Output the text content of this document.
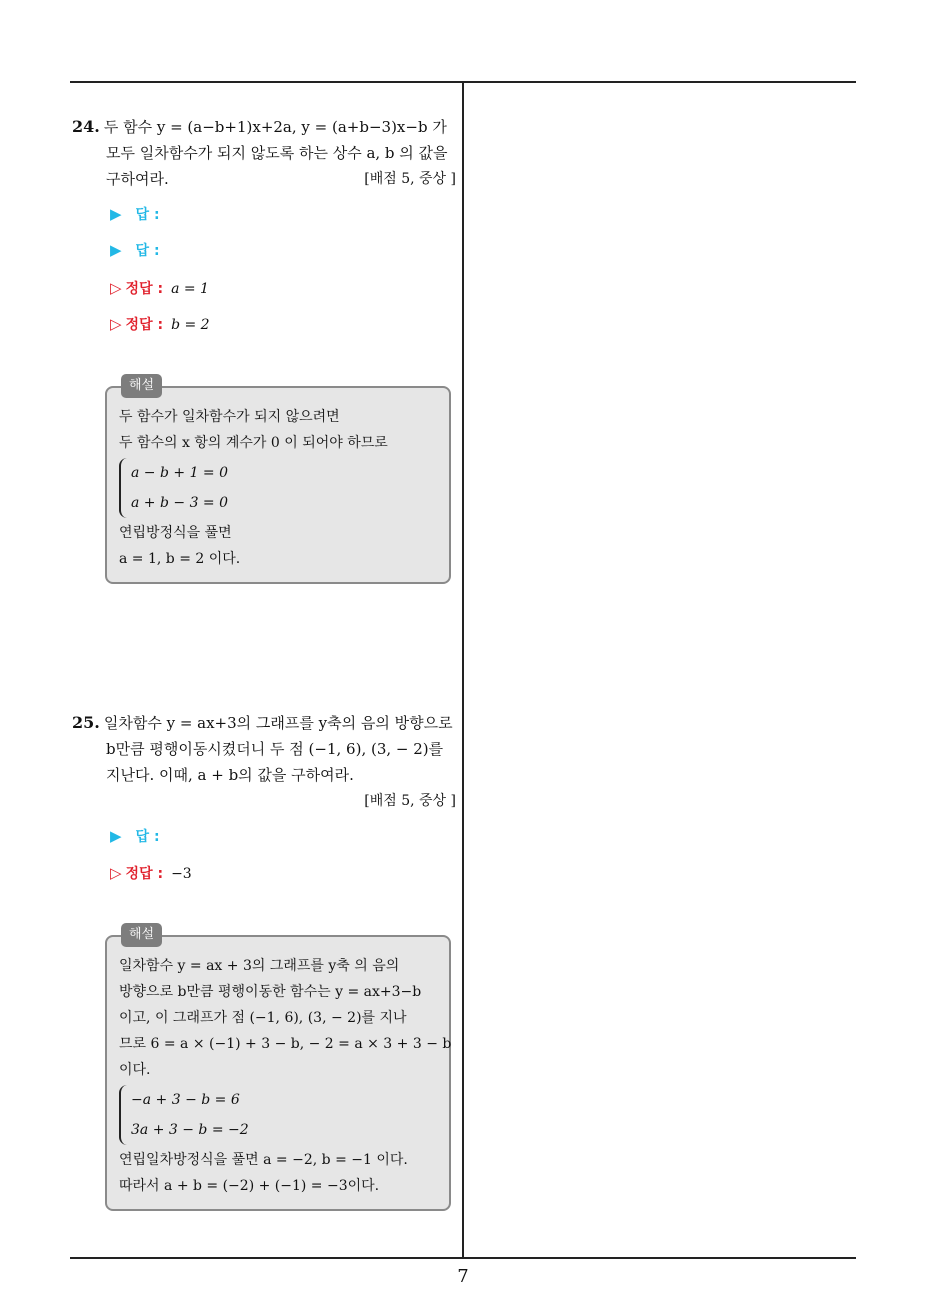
24. 두 함수 y = (a−b+1)x+2a, y = (a+b−3)x−b 가
모두 일차함수가 되지 않도록 하는 상수 a, b 의 값을
구하여라.	[배점 5, 중상 ]
▶ 답 :
▶ 답 :
▷ 정답 : a = 1
▷ 정답 : b = 2
해설
두 함수가 일차함수가 되지 않으려면
두 함수의 x 항의 계수가 0 이 되어야 하므로
a − b + 1 = 0
a + b − 3 = 0
연립방정식을 풀면
a = 1, b = 2 이다.
25. 일차함수 y = ax+3의 그래프를 y축의 음의 방향으로
b만큼 평행이동시켰더니 두 점 (−1, 6), (3, − 2)를
지난다. 이때, a + b의 값을 구하여라.
[배점 5, 중상 ]
▶ 답 :
▷ 정답 : −3
해설
일차함수 y = ax + 3의 그래프를 y축 의 음의
방향으로 b만큼 평행이동한 함수는 y = ax+3−b
이고, 이 그래프가 점 (−1, 6), (3, − 2)를 지나
므로 6 = a × (−1) + 3 − b, − 2 = a × 3 + 3 − b
이다.
−a + 3 − b = 6
3a + 3 − b = −2
연립일차방정식을 풀면 a = −2, b = −1 이다.
따라서 a + b = (−2) + (−1) = −3이다.
7
